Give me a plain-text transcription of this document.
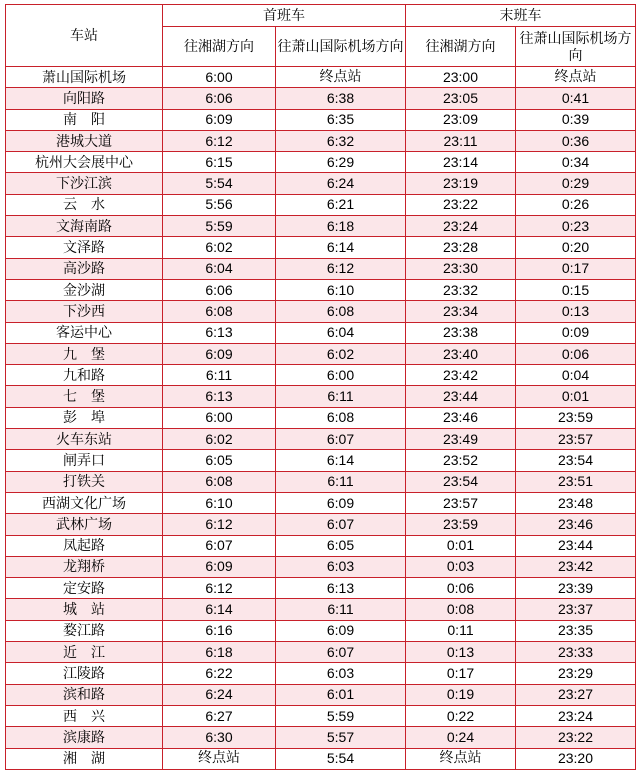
车站	首班车		末班车	
	往湘湖方向	往萧山国际机场方向	往湘湖方向	往萧山国际机场方向
萧山国际机场	6:00	终点站	23:00	终点站
向阳路	6:06	6:38	23:05	0:41
南　阳	6:09	6:35	23:09	0:39
港城大道	6:12	6:32	23:11	0:36
杭州大会展中心	6:15	6:29	23:14	0:34
下沙江滨	5:54	6:24	23:19	0:29
云　水	5:56	6:21	23:22	0:26
文海南路	5:59	6:18	23:24	0:23
文泽路	6:02	6:14	23:28	0:20
高沙路	6:04	6:12	23:30	0:17
金沙湖	6:06	6:10	23:32	0:15
下沙西	6:08	6:08	23:34	0:13
客运中心	6:13	6:04	23:38	0:09
九　堡	6:09	6:02	23:40	0:06
九和路	6:11	6:00	23:42	0:04
七　堡	6:13	6:11	23:44	0:01
彭　埠	6:00	6:08	23:46	23:59
火车东站	6:02	6:07	23:49	23:57
闸弄口	6:05	6:14	23:52	23:54
打铁关	6:08	6:11	23:54	23:51
西湖文化广场	6:10	6:09	23:57	23:48
武林广场	6:12	6:07	23:59	23:46
凤起路	6:07	6:05	0:01	23:44
龙翔桥	6:09	6:03	0:03	23:42
定安路	6:12	6:13	0:06	23:39
城　站	6:14	6:11	0:08	23:37
婺江路	6:16	6:09	0:11	23:35
近　江	6:18	6:07	0:13	23:33
江陵路	6:22	6:03	0:17	23:29
滨和路	6:24	6:01	0:19	23:27
西　兴	6:27	5:59	0:22	23:24
滨康路	6:30	5:57	0:24	23:22
湘　湖	终点站	5:54	终点站	23:20
